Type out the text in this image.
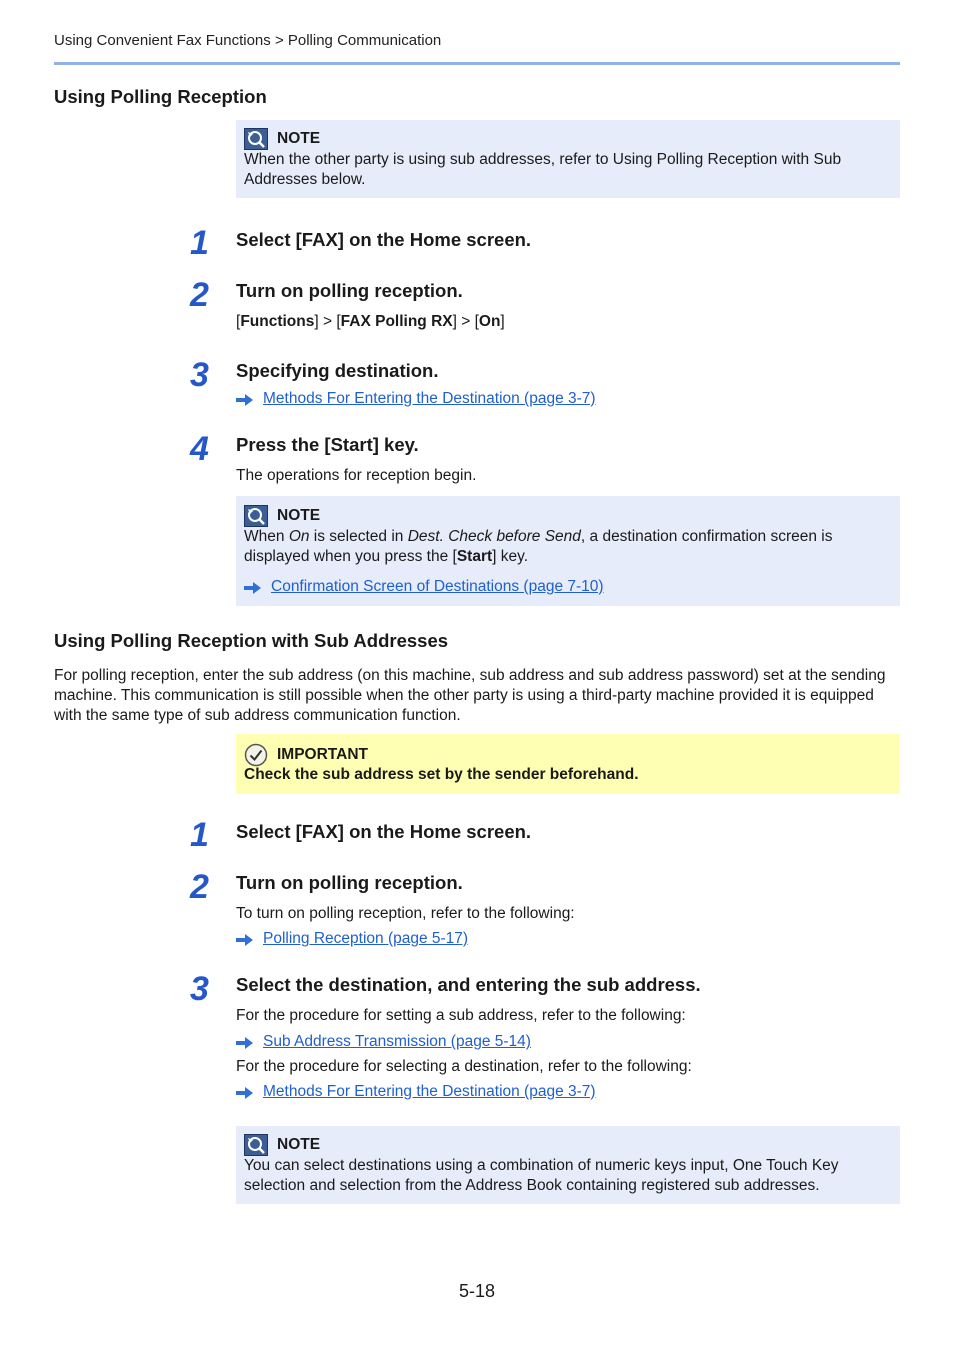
Using Convenient Fax Functions > Polling Communication
Using Polling Reception
NOTE
When the other party is using sub addresses, refer to Using Polling Reception with Sub Addresses below.
1	Select [FAX] on the Home screen.
2	Turn on polling reception.
[Functions] > [FAX Polling RX] > [On]
3	Specifying destination.
Methods For Entering the Destination (page 3-7)
4	Press the [Start] key.
The operations for reception begin.
NOTE
When On is selected in Dest. Check before Send, a destination confirmation screen is displayed when you press the [Start] key.
Confirmation Screen of Destinations (page 7-10)
Using Polling Reception with Sub Addresses
For polling reception, enter the sub address (on this machine, sub address and sub address password) set at the sending machine. This communication is still possible when the other party is using a third-party machine provided it is equipped with the same type of sub address communication function.
IMPORTANT
Check the sub address set by the sender beforehand.
1	Select [FAX] on the Home screen.
2	Turn on polling reception.
To turn on polling reception, refer to the following:
Polling Reception (page 5-17)
3	Select the destination, and entering the sub address.
For the procedure for setting a sub address, refer to the following:
Sub Address Transmission (page 5-14)
For the procedure for selecting a destination, refer to the following:
Methods For Entering the Destination (page 3-7)
NOTE
You can select destinations using a combination of numeric keys input, One Touch Key selection and selection from the Address Book containing registered sub addresses.
5-18
